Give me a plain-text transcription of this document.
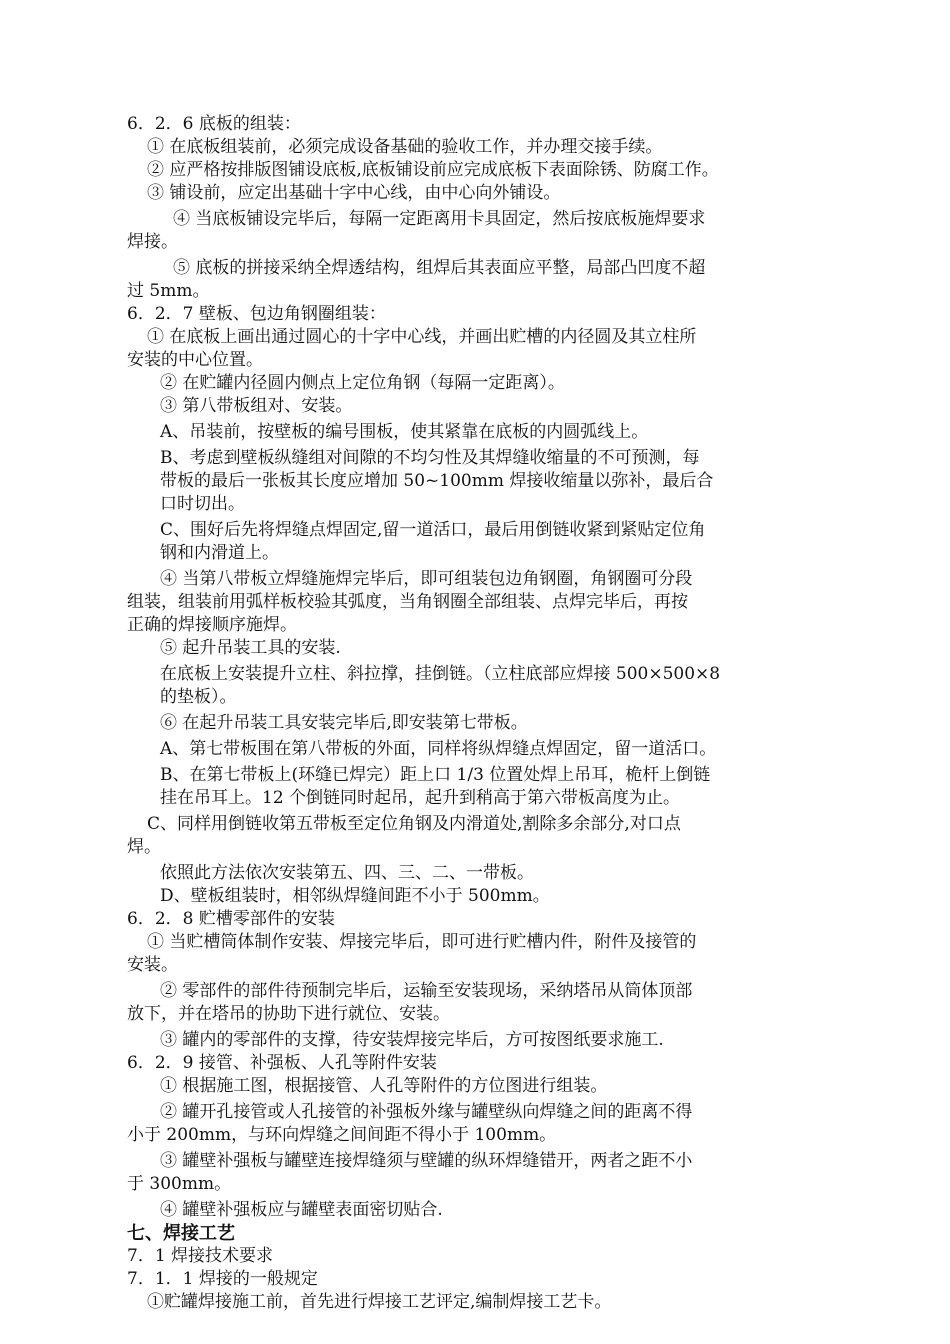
6．2．6 底板的组装：
① 在底板组装前，必须完成设备基础的验收工作，并办理交接手续。
② 应严格按排版图铺设底板,底板铺设前应完成底板下表面除锈、防腐工作。
③ 铺设前，应定出基础十字中心线，由中心向外铺设。
④ 当底板铺设完毕后，每隔一定距离用卡具固定，然后按底板施焊要求
焊接。
⑤ 底板的拼接采纳全焊透结构，组焊后其表面应平整，局部凸凹度不超
过 5mm。
6．2．7 壁板、包边角钢圈组装：
① 在底板上画出通过圆心的十字中心线，并画出贮槽的内径圆及其立柱所
安装的中心位置。
② 在贮罐内径圆内侧点上定位角钢（每隔一定距离）。
③ 第八带板组对、安装。
A、吊装前，按壁板的编号围板，使其紧靠在底板的内圆弧线上。
B、考虑到壁板纵缝组对间隙的不均匀性及其焊缝收缩量的不可预测，每
带板的最后一张板其长度应增加 50~100mm 焊接收缩量以弥补，最后合
口时切出。
C、围好后先将焊缝点焊固定,留一道活口，最后用倒链收紧到紧贴定位角
钢和内滑道上。
④ 当第八带板立焊缝施焊完毕后，即可组装包边角钢圈，角钢圈可分段
组装，组装前用弧样板校验其弧度，当角钢圈全部组装、点焊完毕后，再按
正确的焊接顺序施焊。
⑤ 起升吊装工具的安装.
在底板上安装提升立柱、斜拉撑，挂倒链。（立柱底部应焊接 500×500×8
的垫板）。
⑥ 在起升吊装工具安装完毕后,即安装第七带板。
A、第七带板围在第八带板的外面，同样将纵焊缝点焊固定，留一道活口。
B、在第七带板上(环缝已焊完）距上口 1/3 位置处焊上吊耳，桅杆上倒链
挂在吊耳上。12 个倒链同时起吊，起升到稍高于第六带板高度为止。
C、同样用倒链收第五带板至定位角钢及内滑道处,割除多余部分,对口点
焊。
依照此方法依次安装第五、四、三、二、一带板。
D、壁板组装时，相邻纵焊缝间距不小于 500mm。
6．2．8 贮槽零部件的安装
① 当贮槽筒体制作安装、焊接完毕后，即可进行贮槽内件，附件及接管的
安装。
② 零部件的部件待预制完毕后，运输至安装现场，采纳塔吊从筒体顶部
放下，并在塔吊的协助下进行就位、安装。
③ 罐内的零部件的支撑，待安装焊接完毕后，方可按图纸要求施工.
6．2．9 接管、补强板、人孔等附件安装
① 根据施工图，根据接管、人孔等附件的方位图进行组装。
② 罐开孔接管或人孔接管的补强板外缘与罐壁纵向焊缝之间的距离不得
小于 200mm，与环向焊缝之间间距不得小于 100mm。
③ 罐壁补强板与罐壁连接焊缝须与壁罐的纵环焊缝错开，两者之距不小
于 300mm。
④ 罐壁补强板应与罐壁表面密切贴合.
七、焊接工艺
7．1 焊接技术要求
7．1．1 焊接的一般规定
①贮罐焊接施工前，首先进行焊接工艺评定,编制焊接工艺卡。
